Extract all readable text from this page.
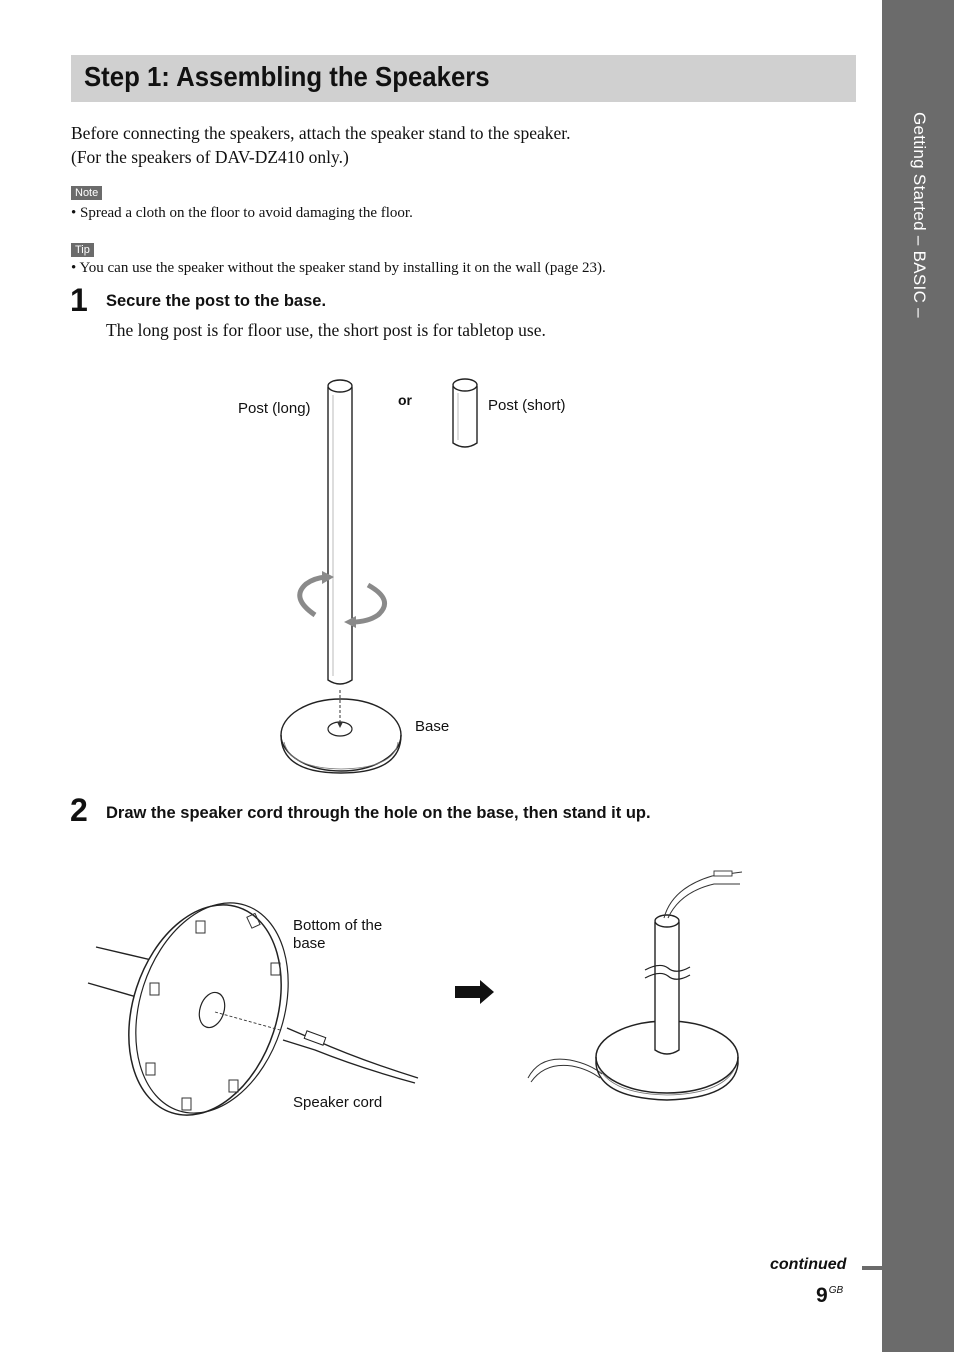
Getting Started – BASIC –
Step 1: Assembling the Speakers
Before connecting the speakers, attach the speaker stand to the speaker.
(For the speakers of DAV-DZ410 only.)
Note
• Spread a cloth on the floor to avoid damaging the floor.
Tip
• You can use the speaker without the speaker stand by installing it on the wall (page 23).
1 Secure the post to the base.
The long post is for floor use, the short post is for tabletop use.
Post (long)	or	Post (short)
Base
2 Draw the speaker cord through the hole on the base, then stand it up.
Bottom of the
base
Speaker cord
continued
$9^{GB}$
